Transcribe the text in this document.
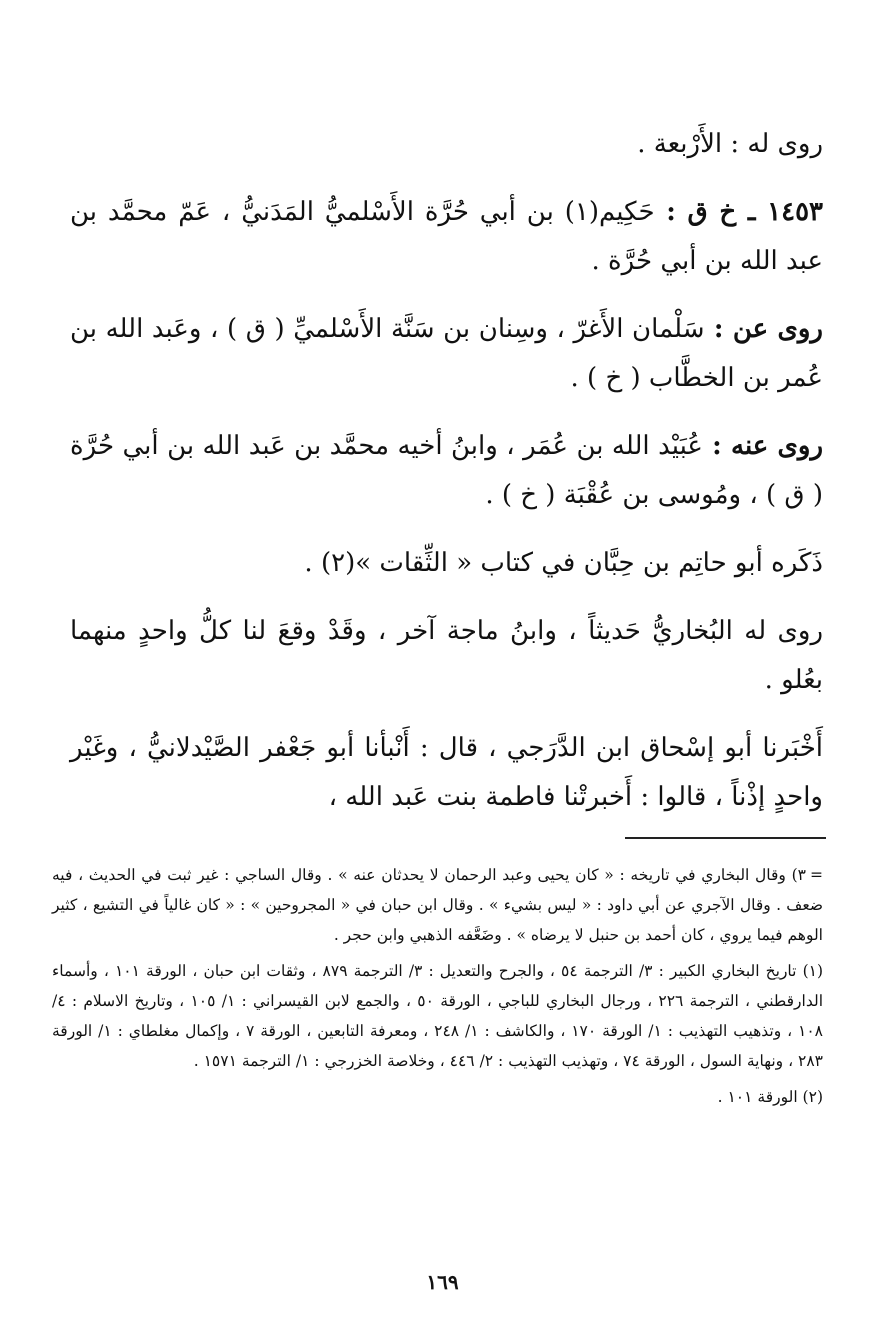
روى له : الأَرْبعة .

١٤٥٣ ـ خ ق : حَكِيم(١) بن أبي حُرَّة الأَسْلميُّ المَدَنيُّ ، عَمّ محمَّد بن عبد الله بن أبي حُرَّة .

روى عن : سَلْمان الأَغرّ ، وسِنان بن سَنَّة الأَسْلميِّ ( ق ) ، وعَبد الله بن عُمر بن الخطَّاب ( خ ) .

روى عنه : عُبَيْد الله بن عُمَر ، وابنُ أخيه محمَّد بن عَبد الله بن أبي حُرَّة ( ق ) ، ومُوسى بن عُقْبَة ( خ ) .

ذَكَره أبو حاتِم بن حِبَّان في كتاب « الثِّقات »(٢) .

روى له البُخاريُّ حَديثاً ، وابنُ ماجة آخر ، وقَدْ وقعَ لنا كلُّ واحدٍ منهما بعُلو .

أَخْبَرنا أبو إسْحاق ابن الدَّرَجي ، قال : أَنْبأنا أبو جَعْفر الصَّيْدلانيُّ ، وغَيْر واحدٍ إذْناً ، قالوا : أَخبرتْنا فاطمة بنت عَبد الله ،

=٣) وقال البخاري في تاريخه : « كان يحيى وعبد الرحمان لا يحدثان عنه » . وقال الساجي : غير ثبت في الحديث ، فيه ضعف . وقال الآجري عن أبي داود : « ليس بشيء » . وقال ابن حبان في « المجروحين » : « كان غالياً في التشيع ، كثير الوهم فيما يروي ، كان أحمد بن حنبل لا يرضاه » . وضَعَّفه الذهبي وابن حجر .

(١) تاريخ البخاري الكبير : ٣/ الترجمة ٥٤ ، والجرح والتعديل : ٣/ الترجمة ٨٧٩ ، وثقات ابن حبان ، الورقة ١٠١ ، وأسماء الدارقطني ، الترجمة ٢٢٦ ، ورجال البخاري للباجي ، الورقة ٥٠ ، والجمع لابن القيسراني : ١/ ١٠٥ ، وتاريخ الاسلام : ٤/ ١٠٨ ، وتذهيب التهذيب : ١/ الورقة ١٧٠ ، والكاشف : ١/ ٢٤٨ ، ومعرفة التابعين ، الورقة ٧ ، وإكمال مغلطاي : ١/ الورقة ٢٨٣ ، ونهاية السول ، الورقة ٧٤ ، وتهذيب التهذيب : ٢/ ٤٤٦ ، وخلاصة الخزرجي : ١/ الترجمة ١٥٧١ .

(٢) الورقة ١٠١ .

١٦٩
